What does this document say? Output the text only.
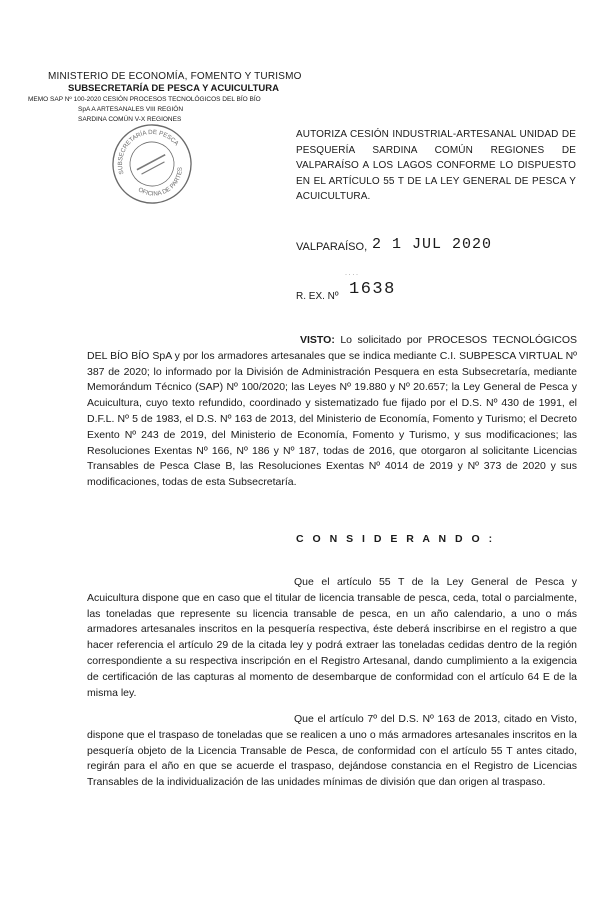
MINISTERIO DE ECONOMÍA, FOMENTO Y TURISMO
SUBSECRETARÍA DE PESCA Y ACUICULTURA
MEMO SAP Nº 100-2020 CESIÓN PROCESOS TECNOLÓGICOS DEL BÍO BÍO
SpA A ARTESANALES VIII REGIÓN
SARDINA COMÚN V-X REGIONES
SUBSECRETARÍA DE PESCA
OFICINA DE PARTES
AUTORIZA CESIÓN INDUSTRIAL-ARTESANAL UNIDAD DE PESQUERÍA SARDINA COMÚN REGIONES DE VALPARAÍSO A LOS LAGOS CONFORME LO DISPUESTO EN EL ARTÍCULO 55 T DE LA LEY GENERAL DE PESCA Y ACUICULTURA.
VALPARAÍSO, 2 1 JUL 2020
· · · ·
R. EX. Nº 1638
VISTO: Lo solicitado por PROCESOS TECNOLÓGICOS DEL BÍO BÍO SpA y por los armadores artesanales que se indica mediante C.I. SUBPESCA VIRTUAL Nº 387 de 2020; lo informado por la División de Administración Pesquera en esta Subsecretaría, mediante Memorándum Técnico (SAP) Nº 100/2020; las Leyes Nº 19.880 y Nº 20.657; la Ley General de Pesca y Acuicultura, cuyo texto refundido, coordinado y sistematizado fue fijado por el D.S. Nº 430 de 1991, el D.F.L. Nº 5 de 1983, el D.S. Nº 163 de 2013, del Ministerio de Economía, Fomento y Turismo; el Decreto Exento Nº 243 de 2019, del Ministerio de Economía, Fomento y Turismo, y sus modificaciones; las Resoluciones Exentas Nº 166, Nº 186 y Nº 187, todas de 2016, que otorgaron al solicitante Licencias Transables de Pesca Clase B, las Resoluciones Exentas Nº 4014 de 2019 y Nº 373 de 2020 y sus modificaciones, todas de esta Subsecretaría.
C O N S I D E R A N D O :
Que el artículo 55 T de la Ley General de Pesca y Acuicultura dispone que en caso que el titular de licencia transable de pesca, ceda, total o parcialmente, las toneladas que represente su licencia transable de pesca, en un año calendario, a uno o más armadores artesanales inscritos en la pesquería respectiva, éste deberá inscribirse en el registro a que hacer referencia el artículo 29 de la citada ley y podrá extraer las toneladas cedidas dentro de la región correspondiente a su respectiva inscripción en el Registro Artesanal, dando cumplimiento a la exigencia de certificación de las capturas al momento de desembarque de conformidad con el artículo 64 E de la misma ley.
Que el artículo 7º del D.S. Nº 163 de 2013, citado en Visto, dispone que el traspaso de toneladas que se realicen a uno o más armadores artesanales inscritos en la pesquería objeto de la Licencia Transable de Pesca, de conformidad con el artículo 55 T antes citado, regirán para el año en que se acuerde el traspaso, dejándose constancia en el Registro de Licencias Transables de la individualización de las unidades mínimas de división que dan origen al traspaso.
